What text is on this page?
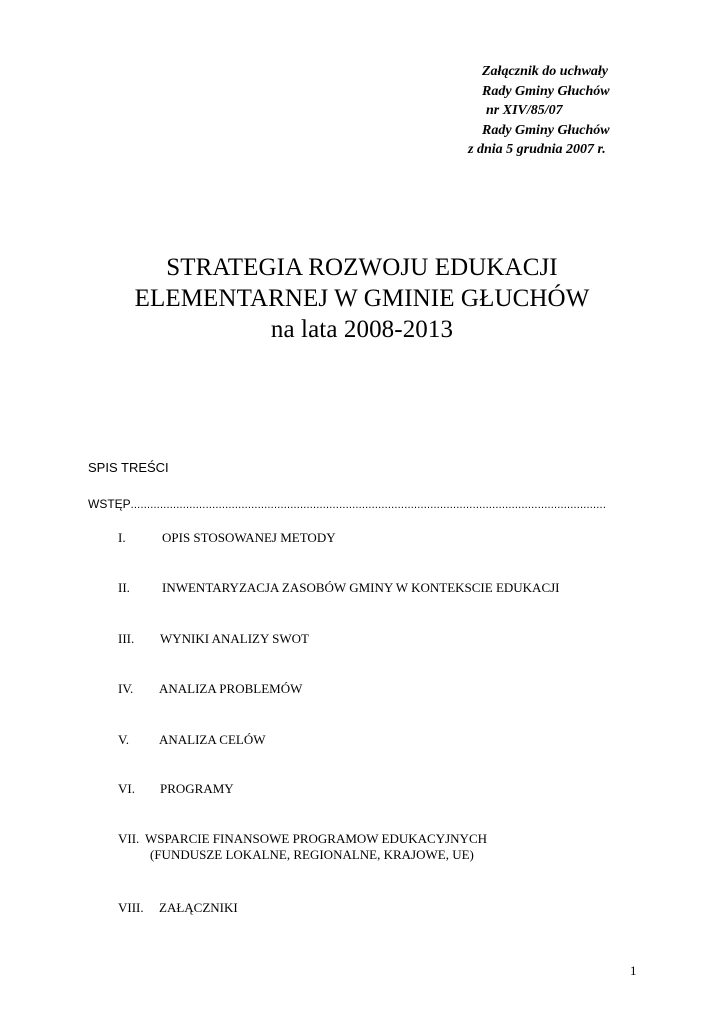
Załącznik do uchwały
Rady Gminy Głuchów
nr XIV/85/07
Rady Gminy Głuchów
z dnia 5 grudnia 2007 r.
STRATEGIA ROZWOJU EDUKACJI
ELEMENTARNEJ W GMINIE GŁUCHÓW
na lata 2008-2013
SPIS TREŚCI
WSTĘP ..................................................................................................................................................
I.	OPIS STOSOWANEJ METODY
II. INWENTARYZACJA ZASOBÓW GMINY W KONTEKSCIE EDUKACJI
III. WYNIKI ANALIZY SWOT
IV. ANALIZA PROBLEMÓW
V. ANALIZA CELÓW
VI. PROGRAMY
VII. WSPARCIE FINANSOWE PROGRAMOW EDUKACYJNYCH
(FUNDUSZE LOKALNE, REGIONALNE, KRAJOWE, UE)
VIII. ZAŁĄCZNIKI
1
